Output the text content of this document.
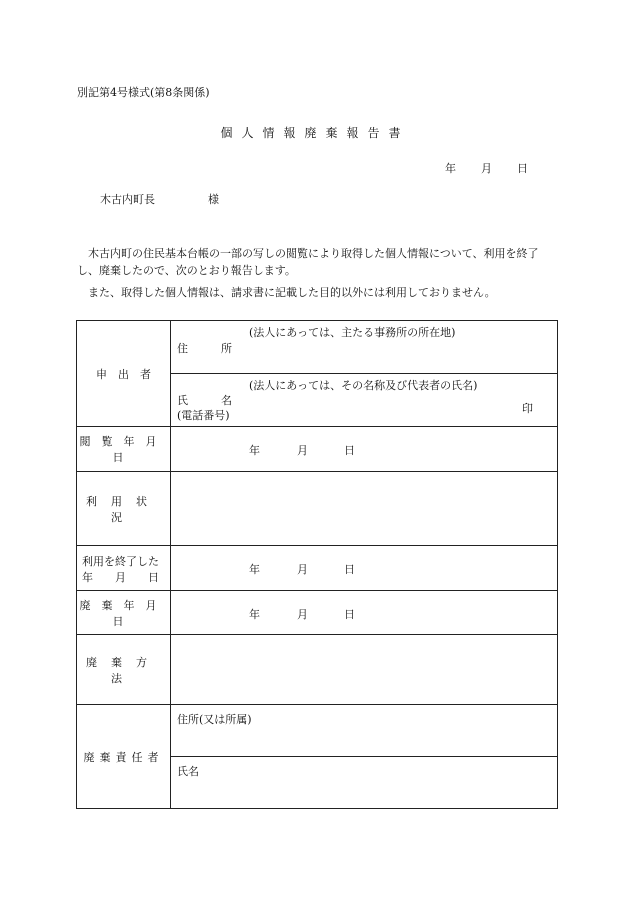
別記第4号様式(第8条関係)
個人情報廃棄報告書
年 月 日
木古内町長	様
木古内町の住民基本台帳の一部の写しの閲覧により取得した個人情報について、利用を終了し、廃棄したので、次のとおり報告します。
また、取得した個人情報は、請求書に記載した目的以外には利用しておりません。
申　出　者	(法人にあっては、主たる事務所の所在地)
住　　　所

	(法人にあっては、その名称及び代表者の氏名)
氏　　　名
(電話番号)
印

閲覧年月日	年 月 日

利用状況	

利用を終了した
年　　月　　日	年 月 日

廃棄年月日	年 月 日

廃棄方法	
廃棄責任者	住所(又は所属)

	氏名
